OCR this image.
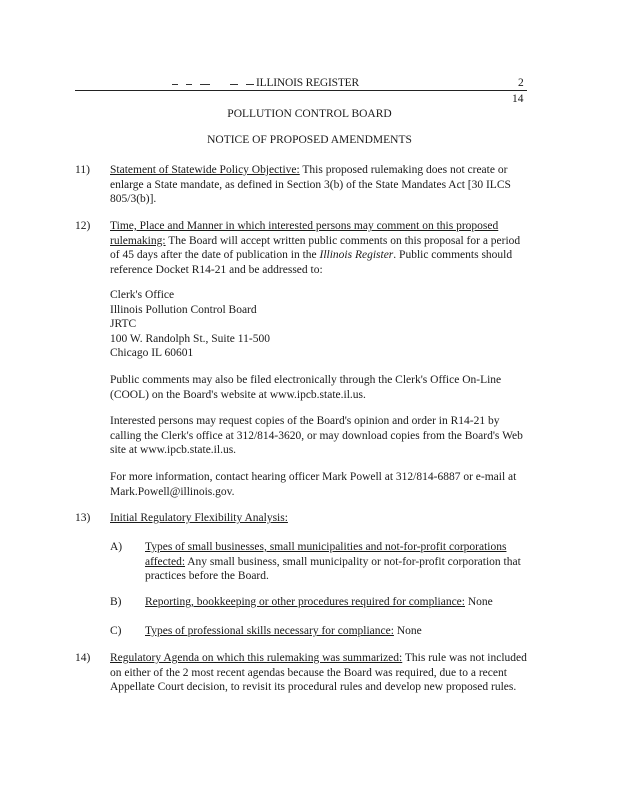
ILLINOIS REGISTER	2
14
POLLUTION CONTROL BOARD
NOTICE OF PROPOSED AMENDMENTS
11) Statement of Statewide Policy Objective: This proposed rulemaking does not create or enlarge a State mandate, as defined in Section 3(b) of the State Mandates Act [30 ILCS 805/3(b)].
12) Time, Place and Manner in which interested persons may comment on this proposed rulemaking: The Board will accept written public comments on this proposal for a period of 45 days after the date of publication in the Illinois Register. Public comments should reference Docket R14-21 and be addressed to:
Clerk's Office
Illinois Pollution Control Board
JRTC
100 W. Randolph St., Suite 11-500
Chicago IL 60601
Public comments may also be filed electronically through the Clerk's Office On-Line (COOL) on the Board's website at www.ipcb.state.il.us.
Interested persons may request copies of the Board's opinion and order in R14-21 by calling the Clerk's office at 312/814-3620, or may download copies from the Board's Web site at www.ipcb.state.il.us.
For more information, contact hearing officer Mark Powell at 312/814-6887 or e-mail at Mark.Powell@illinois.gov.
13) Initial Regulatory Flexibility Analysis:
A) Types of small businesses, small municipalities and not-for-profit corporations affected: Any small business, small municipality or not-for-profit corporation that practices before the Board.
B) Reporting, bookkeeping or other procedures required for compliance: None
C) Types of professional skills necessary for compliance: None
14) Regulatory Agenda on which this rulemaking was summarized: This rule was not included on either of the 2 most recent agendas because the Board was required, due to a recent Appellate Court decision, to revisit its procedural rules and develop new proposed rules.
